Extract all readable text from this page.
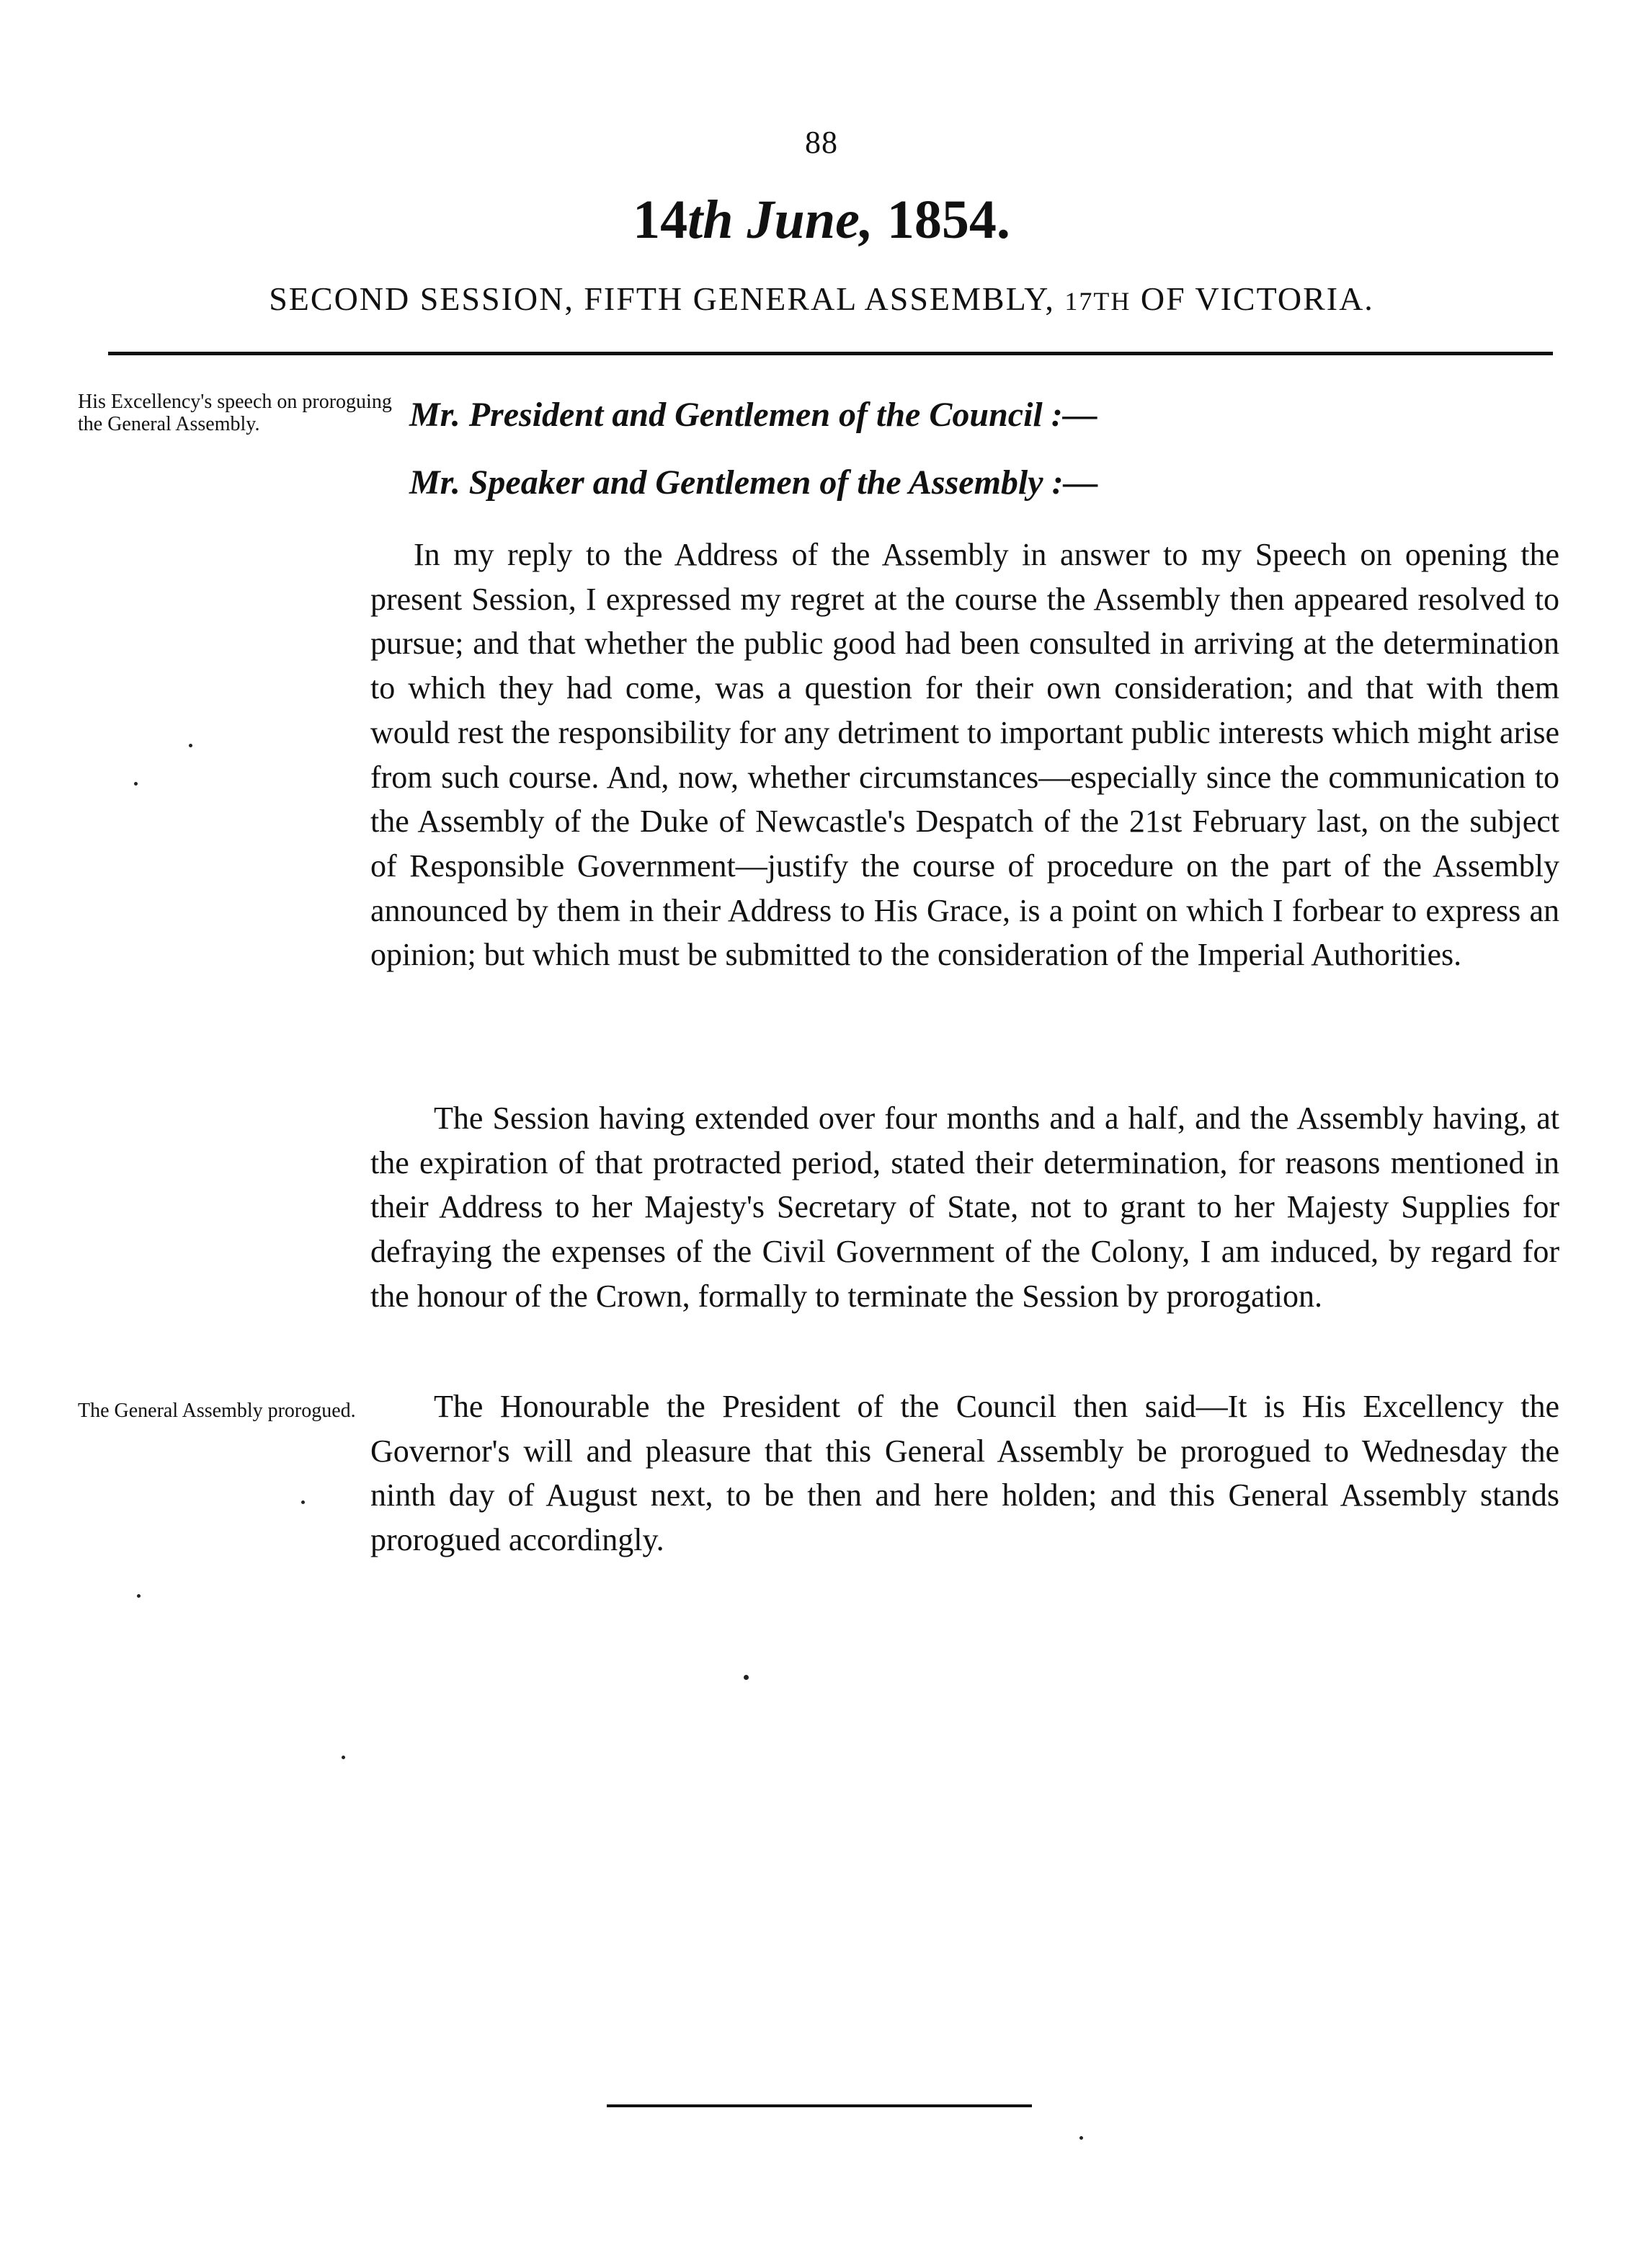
88
14th June, 1854.
SECOND SESSION, FIFTH GENERAL ASSEMBLY, 17TH OF VICTORIA.
His Excellency's speech on proroguing the General Assembly.	Mr. President and Gentlemen of the Council :—
Mr. Speaker and Gentlemen of the Assembly :—

In my reply to the Address of the Assembly in answer to my Speech on opening the present Session, I expressed my regret at the course the Assembly then appeared resolved to pursue; and that whether the public good had been consulted in arriving at the determination to which they had come, was a question for their own consideration; and that with them would rest the responsibility for any detriment to important public interests which might arise from such course. And, now, whether circumstances—especially since the communication to the Assembly of the Duke of Newcastle's Despatch of the 21st February last, on the subject of Responsible Government—justify the course of procedure on the part of the Assembly announced by them in their Address to His Grace, is a point on which I forbear to express an opinion; but which must be submitted to the consideration of the Imperial Authorities.

The Session having extended over four months and a half, and the Assembly having, at the expiration of that protracted period, stated their determination, for reasons mentioned in their Address to her Majesty's Secretary of State, not to grant to her Majesty Supplies for defraying the expenses of the Civil Government of the Colony, I am induced, by regard for the honour of the Crown, formally to terminate the Session by prorogation.

The General Assembly prorogued.	The Honourable the President of the Council then said—It is His Excellency the Governor's will and pleasure that this General Assembly be prorogued to Wednesday the ninth day of August next, to be then and here holden; and this General Assembly stands prorogued accordingly.
